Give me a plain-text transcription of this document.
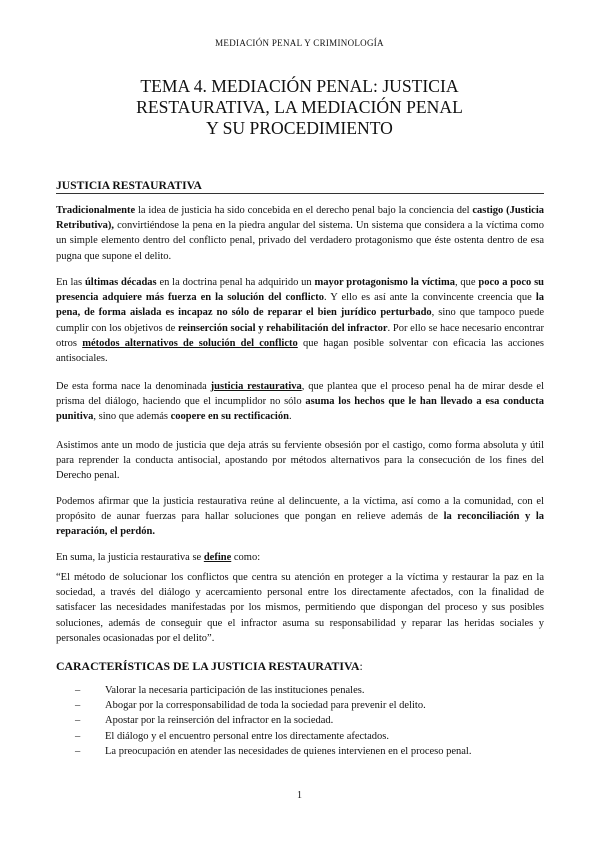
MEDIACIÓN PENAL Y CRIMINOLOGÍA
TEMA 4. MEDIACIÓN PENAL: JUSTICIA
RESTAURATIVA, LA MEDIACIÓN PENAL
Y SU PROCEDIMIENTO
JUSTICIA RESTAURATIVA

Tradicionalmente la idea de justicia ha sido concebida en el derecho penal bajo la conciencia del castigo (Justicia Retributiva), convirtiéndose la pena en la piedra angular del sistema. Un sistema que considera a la víctima como un simple elemento dentro del conflicto penal, privado del verdadero protagonismo que éste ostenta dentro de esa pugna que supone el delito.

En las últimas décadas en la doctrina penal ha adquirido un mayor protagonismo la víctima, que poco a poco su presencia adquiere más fuerza en la solución del conflicto. Y ello es así ante la convincente creencia que la pena, de forma aislada es incapaz no sólo de reparar el bien jurídico perturbado, sino que tampoco puede cumplir con los objetivos de reinserción social y rehabilitación del infractor. Por ello se hace necesario encontrar otros métodos alternativos de solución del conflicto que hagan posible solventar con eficacia las acciones antisociales.

De esta forma nace la denominada justicia restaurativa, que plantea que el proceso penal ha de mirar desde el prisma del diálogo, haciendo que el incumplidor no sólo asuma los hechos que le han llevado a esa conducta punitiva, sino que además coopere en su rectificación.

Asistimos ante un modo de justicia que deja atrás su ferviente obsesión por el castigo, como forma absoluta y útil para reprender la conducta antisocial, apostando por métodos alternativos para la consecución de los fines del Derecho penal.

Podemos afirmar que la justicia restaurativa reúne al delincuente, a la víctima, así como a la comunidad, con el propósito de aunar fuerzas para hallar soluciones que pongan en relieve además de la reconciliación y la reparación, el perdón.

En suma, la justicia restaurativa se define como:

“El método de solucionar los conflictos que centra su atención en proteger a la víctima y restaurar la paz en la sociedad, a través del diálogo y acercamiento personal entre los directamente afectados, con la finalidad de satisfacer las necesidades manifestadas por los mismos, permitiendo que dispongan del proceso y sus posibles soluciones, además de conseguir que el infractor asuma su responsabilidad y reparar las heridas sociales y personales ocasionadas por el delito”.

CARACTERÍSTICAS DE LA JUSTICIA RESTAURATIVA:
– Valorar la necesaria participación de las instituciones penales.
– Abogar por la corresponsabilidad de toda la sociedad para prevenir el delito.
– Apostar por la reinserción del infractor en la sociedad.
– El diálogo y el encuentro personal entre los directamente afectados.
– La preocupación en atender las necesidades de quienes intervienen en el proceso penal.
1
